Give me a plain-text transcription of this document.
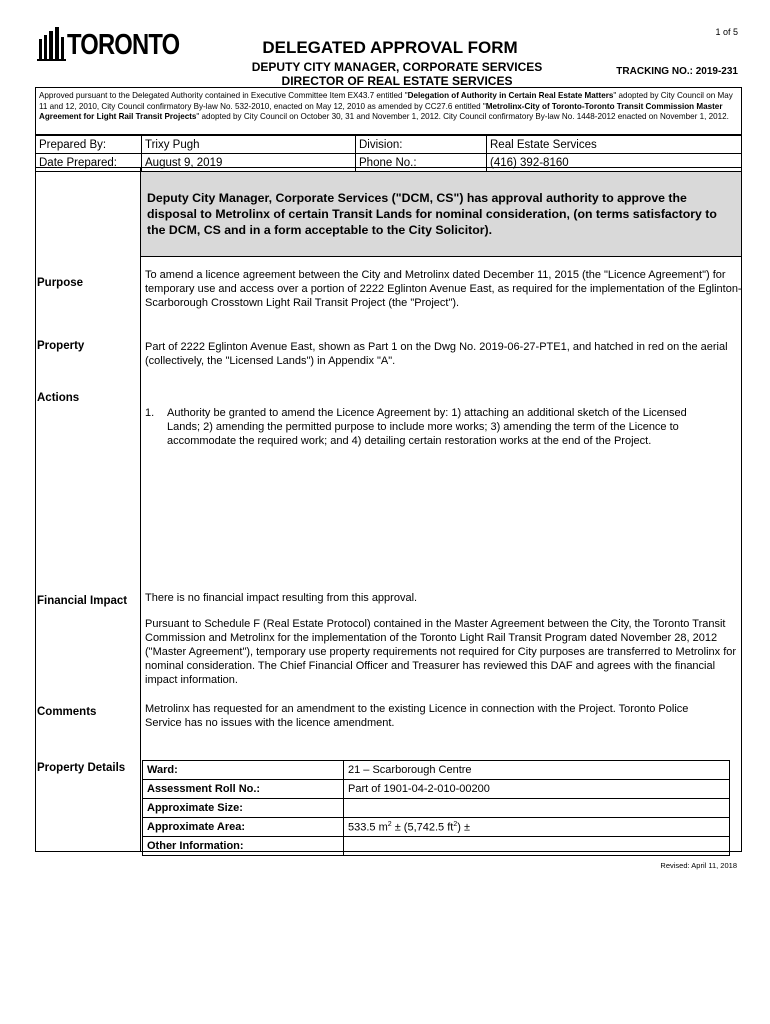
1 of 5
TORONTO	DELEGATED APPROVAL FORM
DEPUTY CITY MANAGER, CORPORATE SERVICES
DIRECTOR OF REAL ESTATE SERVICES
TRACKING NO.: 2019-231
Approved pursuant to the Delegated Authority contained in Executive Committee Item EX43.7 entitled "Delegation of Authority in Certain Real Estate Matters" adopted by City Council on May 11 and 12, 2010, City Council confirmatory By-law No. 532-2010, enacted on May 12, 2010 as amended by CC27.6 entitled "Metrolinx-City of Toronto-Toronto Transit Commission Master Agreement for Light Rail Transit Projects" adopted by City Council on October 30, 31 and November 1, 2012. City Council confirmatory By-law No. 1448-2012 enacted on November 1, 2012.
Prepared By:	Trixy Pugh	Division:	Real Estate Services
Date Prepared:	August 9, 2019	Phone No.:	(416) 392-8160
Deputy City Manager, Corporate Services ("DCM, CS") has approval authority to approve the disposal to Metrolinx of certain Transit Lands for nominal consideration, (on terms satisfactory to the DCM, CS and in a form acceptable to the City Solicitor).
Purpose
To amend a licence agreement between the City and Metrolinx dated December 11, 2015 (the "Licence Agreement") for temporary use and access over a portion of 2222 Eglinton Avenue East, as required for the implementation of the Eglinton-Scarborough Crosstown Light Rail Transit Project (the "Project").
Property	Part of 2222 Eglinton Avenue East, shown as Part 1 on the Dwg No. 2019-06-27-PTE1, and hatched in red on the aerial (collectively, the "Licensed Lands") in Appendix "A".
Actions
1. Authority be granted to amend the Licence Agreement by: 1) attaching an additional sketch of the Licensed Lands; 2) amending the permitted purpose to include more works; 3) amending the term of the Licence to accommodate the required work; and 4) detailing certain restoration works at the end of the Project.
Financial Impact There is no financial impact resulting from this approval.
Pursuant to Schedule F (Real Estate Protocol) contained in the Master Agreement between the City, the Toronto Transit Commission and Metrolinx for the implementation of the Toronto Light Rail Transit Program dated November 28, 2012 ("Master Agreement"), temporary use property requirements not required for City purposes are transferred to Metrolinx for nominal consideration. The Chief Financial Officer and Treasurer has reviewed this DAF and agrees with the financial impact information.
Comments	Metrolinx has requested for an amendment to the existing Licence in connection with the Project. Toronto Police Service has no issues with the licence amendment.
Property Details Ward:	21 – Scarborough Centre
Assessment Roll No.:	Part of 1901-04-2-010-00200
Approximate Size:	
Approximate Area:	533.5 $m^2 \pm (5,742.5$ $ft^2$) ±
Other Information:	
Revised: April 11, 2018
